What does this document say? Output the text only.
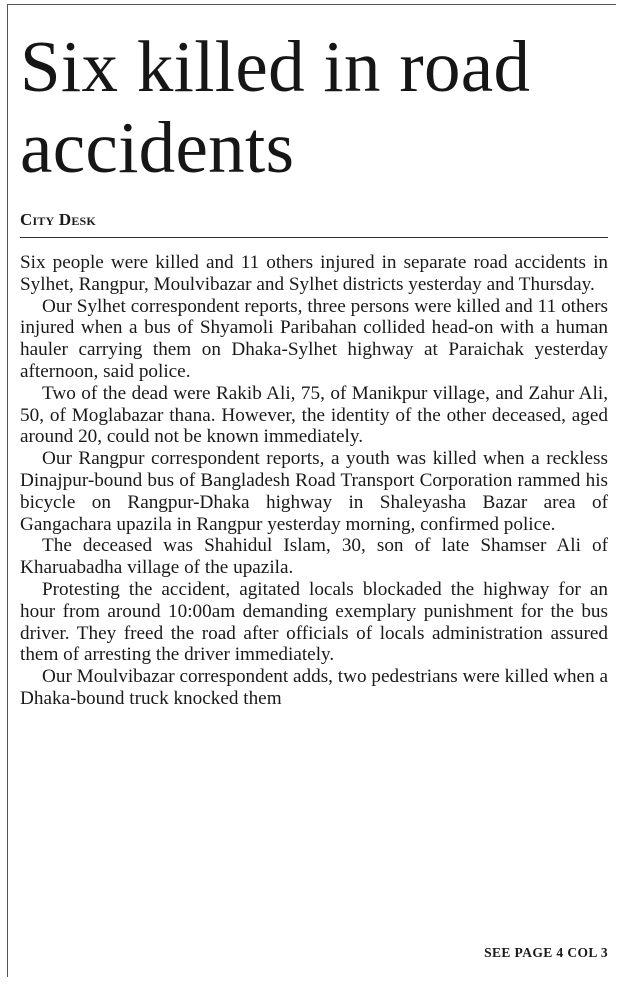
Six killed in road accidents

City Desk

Six people were killed and 11 others injured in separate road accidents in Sylhet, Rangpur, Moulvibazar and Sylhet districts yesterday and Thursday.

Our Sylhet correspondent reports, three persons were killed and 11 others injured when a bus of Shyamoli Paribahan collided head-on with a human hauler carrying them on Dhaka-Sylhet highway at Paraichak yesterday afternoon, said police.

Two of the dead were Rakib Ali, 75, of Manikpur village, and Zahur Ali, 50, of Moglabazar thana. However, the identity of the other deceased, aged around 20, could not be known immediately.

Our Rangpur correspondent reports, a youth was killed when a reckless Dinajpur-bound bus of Bangladesh Road Transport Corporation rammed his bicycle on Rangpur-Dhaka highway in Shaleyasha Bazar area of Gangachara upazila in Rangpur yesterday morning, confirmed police.

The deceased was Shahidul Islam, 30, son of late Shamser Ali of Kharuabadha village of the upazila.

Protesting the accident, agitated locals blockaded the highway for an hour from around 10:00am demanding exemplary punishment for the bus driver. They freed the road after officials of locals administration assured them of arresting the driver immediately.

Our Moulvibazar correspondent adds, two pedestrians were killed when a Dhaka-bound truck knocked them

SEE PAGE 4 COL 3
